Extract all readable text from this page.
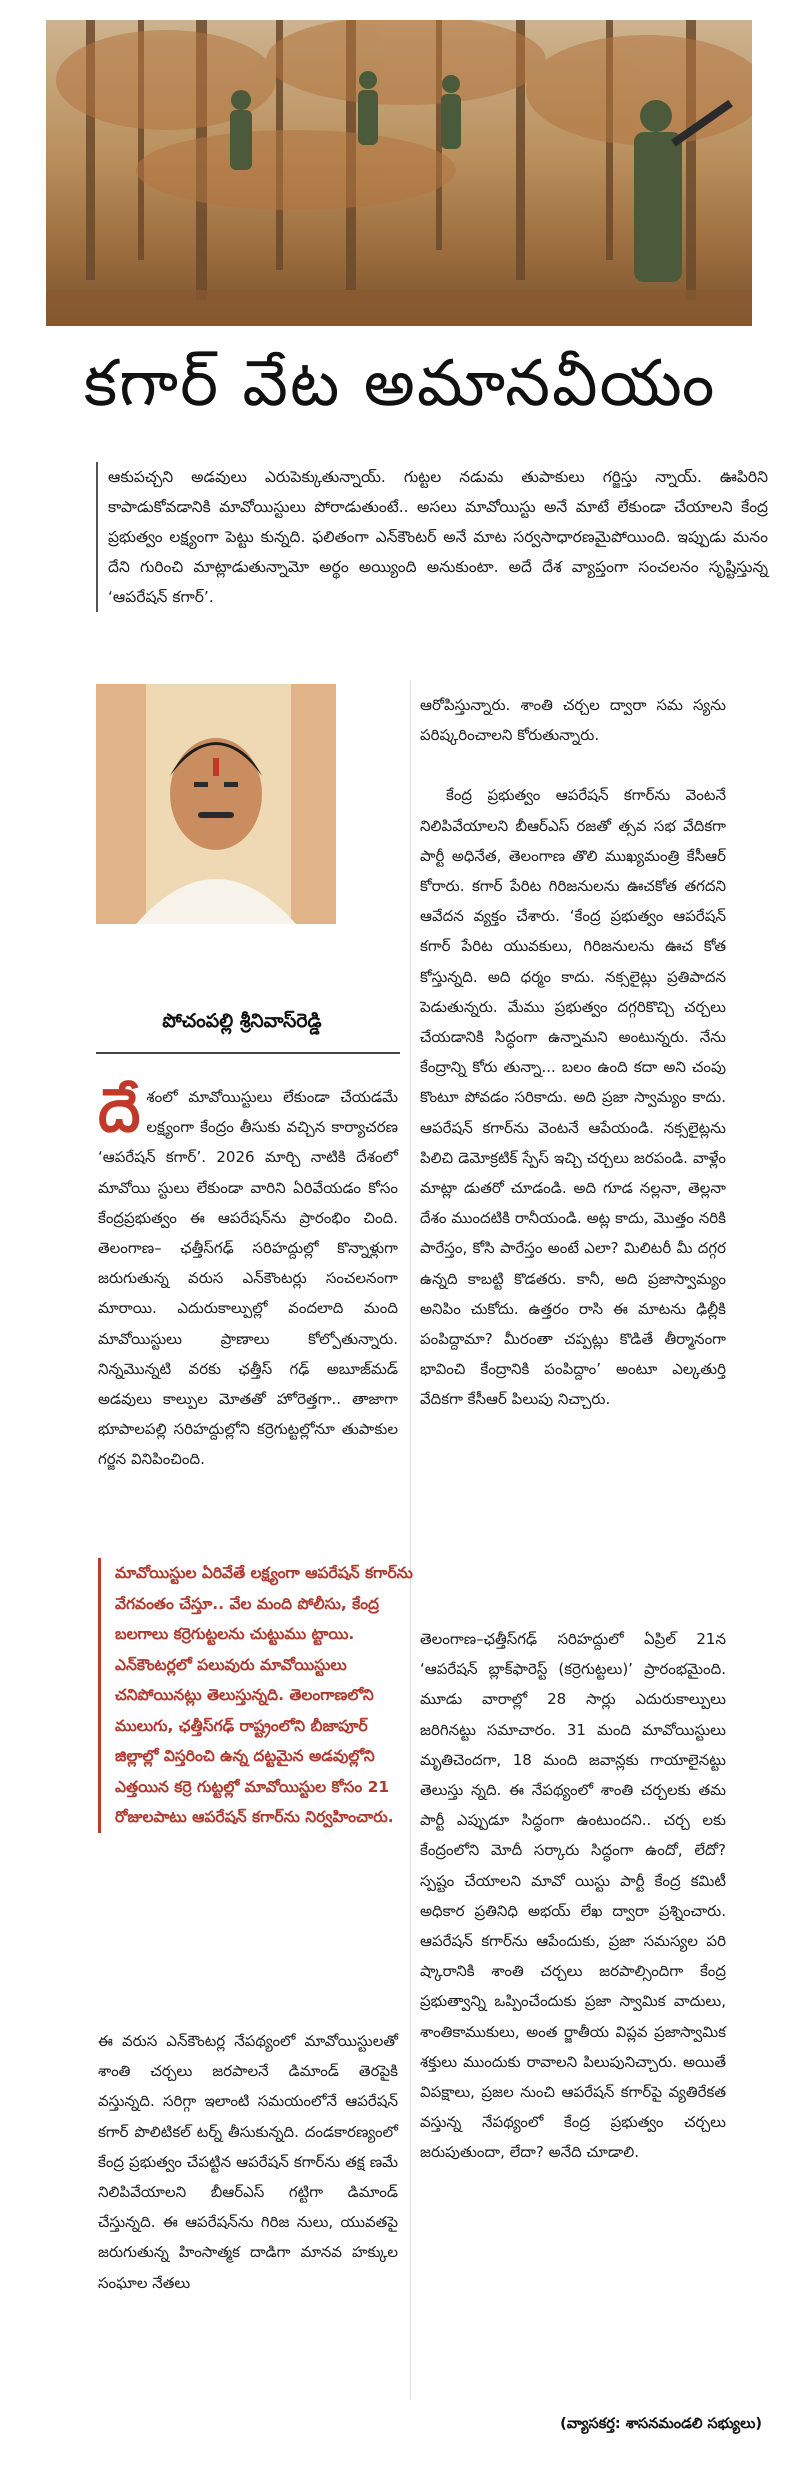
కగార్ వేట అమానవీయం
ఆకుపచ్చని అడవులు ఎరుపెక్కుతున్నాయ్. గుట్టల నడుమ తుపాకులు గర్జిస్తు న్నాయ్. ఊపిరిని కాపాడుకోవడానికి మావోయిస్టులు పోరాడుతుంటే.. అసలు మావోయిస్టు అనే మాటే లేకుండా చేయాలని కేంద్ర ప్రభుత్వం లక్ష్యంగా పెట్టు కున్నది. ఫలితంగా ఎన్‌కౌంటర్ అనే మాట సర్వసాధారణమైపోయింది. ఇప్పుడు మనం దేని గురించి మాట్లాడుతున్నామో అర్థం అయ్యింది అనుకుంటా. అదే దేశ వ్యాప్తంగా సంచలనం సృష్టిస్తున్న ‘ఆపరేషన్ కగార్’.
పోచంపల్లి శ్రీనివాస్‌రెడ్డి

దే శంలో మావోయిస్టులు లేకుండా చేయడమే లక్ష్యంగా కేంద్రం తీసుకు వచ్చిన కార్యాచరణ ‘ఆపరేషన్ కగార్’. 2026 మార్చి నాటికి దేశంలో మావోయి స్టులు లేకుండా వారిని ఏరివేయడం కోసం కేంద్రప్రభుత్వం ఈ ఆపరేషన్‌ను ప్రారంభిం చింది. తెలంగాణ– ఛత్తీస్‌గఢ్ సరిహద్దుల్లో కొన్నాళ్లుగా జరుగుతున్న వరుస ఎన్‌కౌంటర్లు సంచలనంగా మారాయి. ఎదురుకాల్పుల్లో వందలాది మంది మావోయిస్టులు ప్రాణాలు కోల్పోతున్నారు. నిన్నమొన్నటి వరకు ఛత్తీస్ గఢ్ అబూజ్‌మడ్ అడవులు కాల్పుల మోతతో హోరెత్తగా.. తాజాగా భూపాలపల్లి సరిహద్దుల్లోని కర్రెగుట్టల్లోనూ తుపాకుల గర్జన వినిపించింది.

మావోయిస్టుల ఏరివేతే లక్ష్యంగా ఆపరేషన్ కగార్‌ను వేగవంతం చేస్తూ.. వేల మంది పోలీసు, కేంద్ర బలగాలు కర్రెగుట్టలను చుట్టుము ట్టాయి. ఎన్‌కౌంటర్లలో పలువురు మావోయిస్టులు చనిపోయినట్లు తెలుస్తున్నది. తెలంగాణలోని ములుగు, ఛత్తీస్‌గఢ్ రాష్ట్రంలోని బీజాపూర్ జిల్లాల్లో విస్తరించి ఉన్న దట్టమైన అడవుల్లోని ఎత్తయిన కర్రె గుట్టల్లో మావోయిస్టుల కోసం 21 రోజులపాటు ఆపరేషన్ కగార్‌ను నిర్వహించారు.

ఈ వరుస ఎన్‌కౌంటర్ల నేపథ్యంలో మావోయిస్టులతో శాంతి చర్చలు జరపాలనే డిమాండ్ తెరపైకి వస్తున్నది. సరిగ్గా ఇలాంటి సమయంలోనే ఆపరేషన్ కగార్ పొలిటికల్ టర్న్ తీసుకున్నది. దండకారణ్యంలో కేంద్ర ప్రభుత్వం చేపట్టిన ఆపరేషన్ కగార్‌ను తక్ష ణమే నిలిపివేయాలని బీఆర్‌ఎస్ గట్టిగా డిమాండ్ చేస్తున్నది. ఈ ఆపరేషన్‌ను గిరిజ నులు, యువతపై జరుగుతున్న హింసాత్మక దాడిగా మానవ హక్కుల సంఘాల నేతలు

ఆరోపిస్తున్నారు. శాంతి చర్చల ద్వారా సమ స్యను పరిష్కరించాలని కోరుతున్నారు.

కేంద్ర ప్రభుత్వం ఆపరేషన్ కగార్‌ను వెంటనే నిలిపివేయాలని బీఆర్‌ఎస్ రజతో త్సవ సభ వేదికగా పార్టీ అధినేత, తెలంగాణ తొలి ముఖ్యమంత్రి కేసీఆర్ కోరారు. కగార్ పేరిట గిరిజనులను ఊచకోత తగదని ఆవేదన వ్యక్తం చేశారు. ‘కేంద్ర ప్రభుత్వం ఆపరేషన్ కగార్ పేరిట యువకులు, గిరిజనులను ఊచ కోత కోస్తున్నది. అది ధర్మం కాదు. నక్సలైట్లు ప్రతిపాదన పెడుతున్నరు. మేము ప్రభుత్వం దగ్గరికొచ్చి చర్చలు చేయడానికి సిద్ధంగా ఉన్నామని అంటున్నరు. నేను కేంద్రాన్ని కోరు తున్నా... బలం ఉంది కదా అని చంపు కొంటూ పోవడం సరికాదు. అది ప్రజా స్వామ్యం కాదు. ఆపరేషన్ కగార్‌ను వెంటనే ఆపేయండి. నక్సలైట్లను పిలిచి డెమోక్రటిక్ స్పేస్ ఇచ్చి చర్చలు జరపండి. వాళ్లేం మాట్లా డుతరో చూడండి. అది గూడ నల్లనా, తెల్లనా దేశం ముందటికి రానీయండి. అట్ల కాదు, మొత్తం నరికి పారేస్తం, కోసి పారేస్తం అంటే ఎలా? మిలిటరీ మీ దగ్గర ఉన్నది కాబట్టి కొడతరు. కానీ, అది ప్రజాస్వామ్యం అనిపిం చుకోదు. ఉత్తరం రాసి ఈ మాటను ఢిల్లీకి పంపిద్దామా? మీరంతా చప్పట్లు కొడితే తీర్మానంగా భావించి కేంద్రానికి పంపిద్దాం’ అంటూ ఎల్కతుర్తి వేదికగా కేసీఆర్ పిలుపు నిచ్చారు.

తెలంగాణ–ఛత్తీస్‌గఢ్ సరిహద్దులో ఏప్రిల్ 21న ‘ఆపరేషన్ బ్లాక్‌ఫారెస్ట్ (కర్రెగుట్టలు)’ ప్రారంభమైంది. మూడు వారాల్లో 28 సార్లు ఎదురుకాల్పులు జరిగినట్టు సమాచారం. 31 మంది మావోయిస్టులు మృతిచెందగా, 18 మంది జవాన్లకు గాయాలైనట్టు తెలుస్తు న్నది. ఈ నేపథ్యంలో శాంతి చర్చలకు తమ పార్టీ ఎప్పుడూ సిద్ధంగా ఉంటుందని.. చర్చ లకు కేంద్రంలోని మోదీ సర్కారు సిద్ధంగా ఉందో, లేదో? స్పష్టం చేయాలని మావో యిస్టు పార్టీ కేంద్ర కమిటీ అధికార ప్రతినిధి అభయ్ లేఖ ద్వారా ప్రశ్నించారు. ఆపరేషన్ కగార్‌ను ఆపేందుకు, ప్రజా సమస్యల పరి ష్కారానికి శాంతి చర్చలు జరపాల్సిందిగా కేంద్ర ప్రభుత్వాన్ని ఒప్పించేందుకు ప్రజా స్వామిక వాదులు, శాంతికాముకులు, అంత ర్జాతీయ విప్లవ ప్రజాస్వామిక శక్తులు ముందుకు రావాలని పిలుపునిచ్చారు. అయితే విపక్షాలు, ప్రజల నుంచి ఆపరేషన్ కగార్‌పై వ్యతిరేకత వస్తున్న నేపథ్యంలో కేంద్ర ప్రభుత్వం చర్చలు జరుపుతుందా, లేదా? అనేది చూడాలి.

(వ్యాసకర్త: శాసనమండలి సభ్యులు)
